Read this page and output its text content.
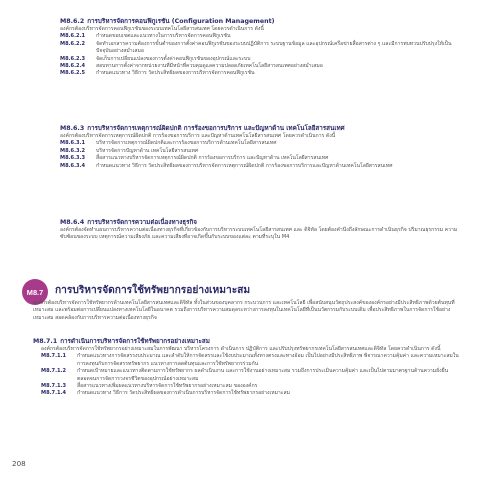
M8.6.2 การบริหารจัดการคอนฟิกูเรชัน (Configuration Management)
องค์กรต้องบริหารจัดการคอนฟิกูเรชันของระบบเทคโนโลยีสารสนเทศ โดยควรดำเนินการ ดังนี้
M8.6.2.1	กำหนดขอบเขตและแนวทางในการบริหารจัดการคอนฟิกูเรชัน
M8.6.2.2	จัดทำเอกสารความต้องการขั้นต่ำของการตั้งค่าคอนฟิกูเรชันของระบบปฏิบัติการ ระบบฐานข้อมูล และอุปกรณ์เครือข่ายสื่อสารต่าง ๆ และมีการทบทวนปรับปรุงให้เป็นปัจจุบันอย่างสม่ำเสมอ
M8.6.2.3	จัดเก็บการเปลี่ยนแปลงของการตั้งค่าคอนฟิกูเรชันของอุปกรณ์และระบบ
M8.6.2.4	สอบทานการตั้งค่าจากหน่วยงานที่มีหน้าที่ควบคุมดูแลความปลอดภัยเทคโนโลยีสารสนเทศอย่างสม่ำเสมอ
M8.6.2.5	กำหนดแนวทาง วิธีการ วัดประสิทธิผลของการบริหารจัดการคอนฟิกูเรชัน
M8.6.3 การบริหารจัดการเหตุการณ์ผิดปกติ การร้องขอการบริการ และปัญหาด้าน เทคโนโลยีสารสนเทศ
องค์กรต้องบริหารจัดการเหตุการณ์ผิดปกติ การร้องขอการบริการ และปัญหาด้านเทคโนโลยีสารสนเทศ โดยควรดำเนินการ ดังนี้
M8.6.3.1	บริหารจัดการเหตุการณ์ผิดปกติและการร้องขอการบริการด้านเทคโนโลยีสารสนเทศ
M8.6.3.2	บริหารจัดการปัญหาด้าน เทคโนโลยีสารสนเทศ
M8.6.3.3	สื่อสารแนวทางบริหารจัดการเหตุการณ์ผิดปกติ การร้องขอการบริการ และปัญหาด้าน เทคโนโลยีสารสนเทศ
M8.6.3.4	กำหนดแนวทาง วิธีการ วัดประสิทธิผลของการบริหารจัดการเหตุการณ์ผิดปกติ การร้องขอการบริการและปัญหาด้านเทคโนโลยีสารสนเทศ
M8.6.4 การบริหารจัดการความต่อเนื่องทางธุรกิจ
องค์กรต้องจัดทำแผนการบริหารความต่อเนื่องทางธุรกิจที่เกี่ยวข้องกับการบริหารระบบเทคโนโลยีสารสนเทศ และ ดิจิทัล โดยต้องคำนึงถึงลักษณะการดำเนินธุรกิจ ปริมาณธุรกรรม ความซับซ้อนของระบบ เหตุการณ์ความเสี่ยงภัย และความเสี่ยงที่อาจเกิดขึ้นกับระบบของแต่ละ ตามที่ระบุใน M4
M8.7	การบริหารจัดการใช้ทรัพยากรอย่างเหมาะสม
องค์กรต้องบริหารจัดการใช้ทรัพยากรด้านเทคโนโลยีสารสนเทศและดิจิทัล ทั้งในส่วนของบุคลากร กระบวนการ และเทคโนโลยี เพื่อสนับสนุนวัตถุประสงค์ขององค์กรอย่างมีประสิทธิภาพด้วยต้นทุนที่เหมาะสม และพร้อมต่อการเปลี่ยนแปลงทางเทคโนโลยีในอนาคต รวมถึงการบริหารความสมดุลระหว่างการลงทุนในเทคโนโลยีที่เป็นนวัตกรรมกับระบบเดิม เพื่อประสิทธิภาพในการจัดการใช้อย่างเหมาะสม สอดคล้องกับการบริหารความต่อเนื่องทางธุรกิจ
M8.7.1 การดำเนินการบริหารจัดการใช้ทรัพยากรอย่างเหมาะสม
องค์กรต้องบริหารจัดการใช้ทรัพยากรอย่างเหมาะสมในการพัฒนา บริหารโครงการ ดำเนินการ ปฏิบัติการ และปรับปรุงทรัพยากรเทคโนโลยีสารสนเทศและดิจิทัล โดยควรดำเนินการ ดังนี้
M8.7.1.1	กำหนดแนวทางการจัดสรรงบประมาณ และลำดับให้การจัดสรรและใช้งบประมาณทั้งทางตรงและทางอ้อม เป็นไปอย่างมีประสิทธิภาพ พิจารณาความคุ้มค่า และความเหมาะสมในการลงทุนกับการจัดสรรทรัพยากร แนวทางการลดต้นทุนและการใช้ทรัพยากรร่วมกัน
M8.7.1.2	กำหนดเป้าหมายและแนวทางติดตามการใช้ทรัพยากร ผลดำเนินงาน และการใช้งานอย่างเหมาะสม รวมถึงการประเมินความคุ้มค่า และเป็นไปตามมาตรฐานด้านความยั่งยืน ตลอดจนการจัดการวงจรชีวิตของอุปกรณ์อย่างเหมาะสม
M8.7.1.3	สื่อสารแนวทางเพิ่มผลแนวทางบริหารจัดการใช้ทรัพยากรอย่างเหมาะสม ขององค์กร
M8.7.1.4	กำหนดแนวทาง วิธีการ วัดประสิทธิผลของการดำเนินการบริหารจัดการใช้ทรัพยากรอย่างเหมาะสม
208
